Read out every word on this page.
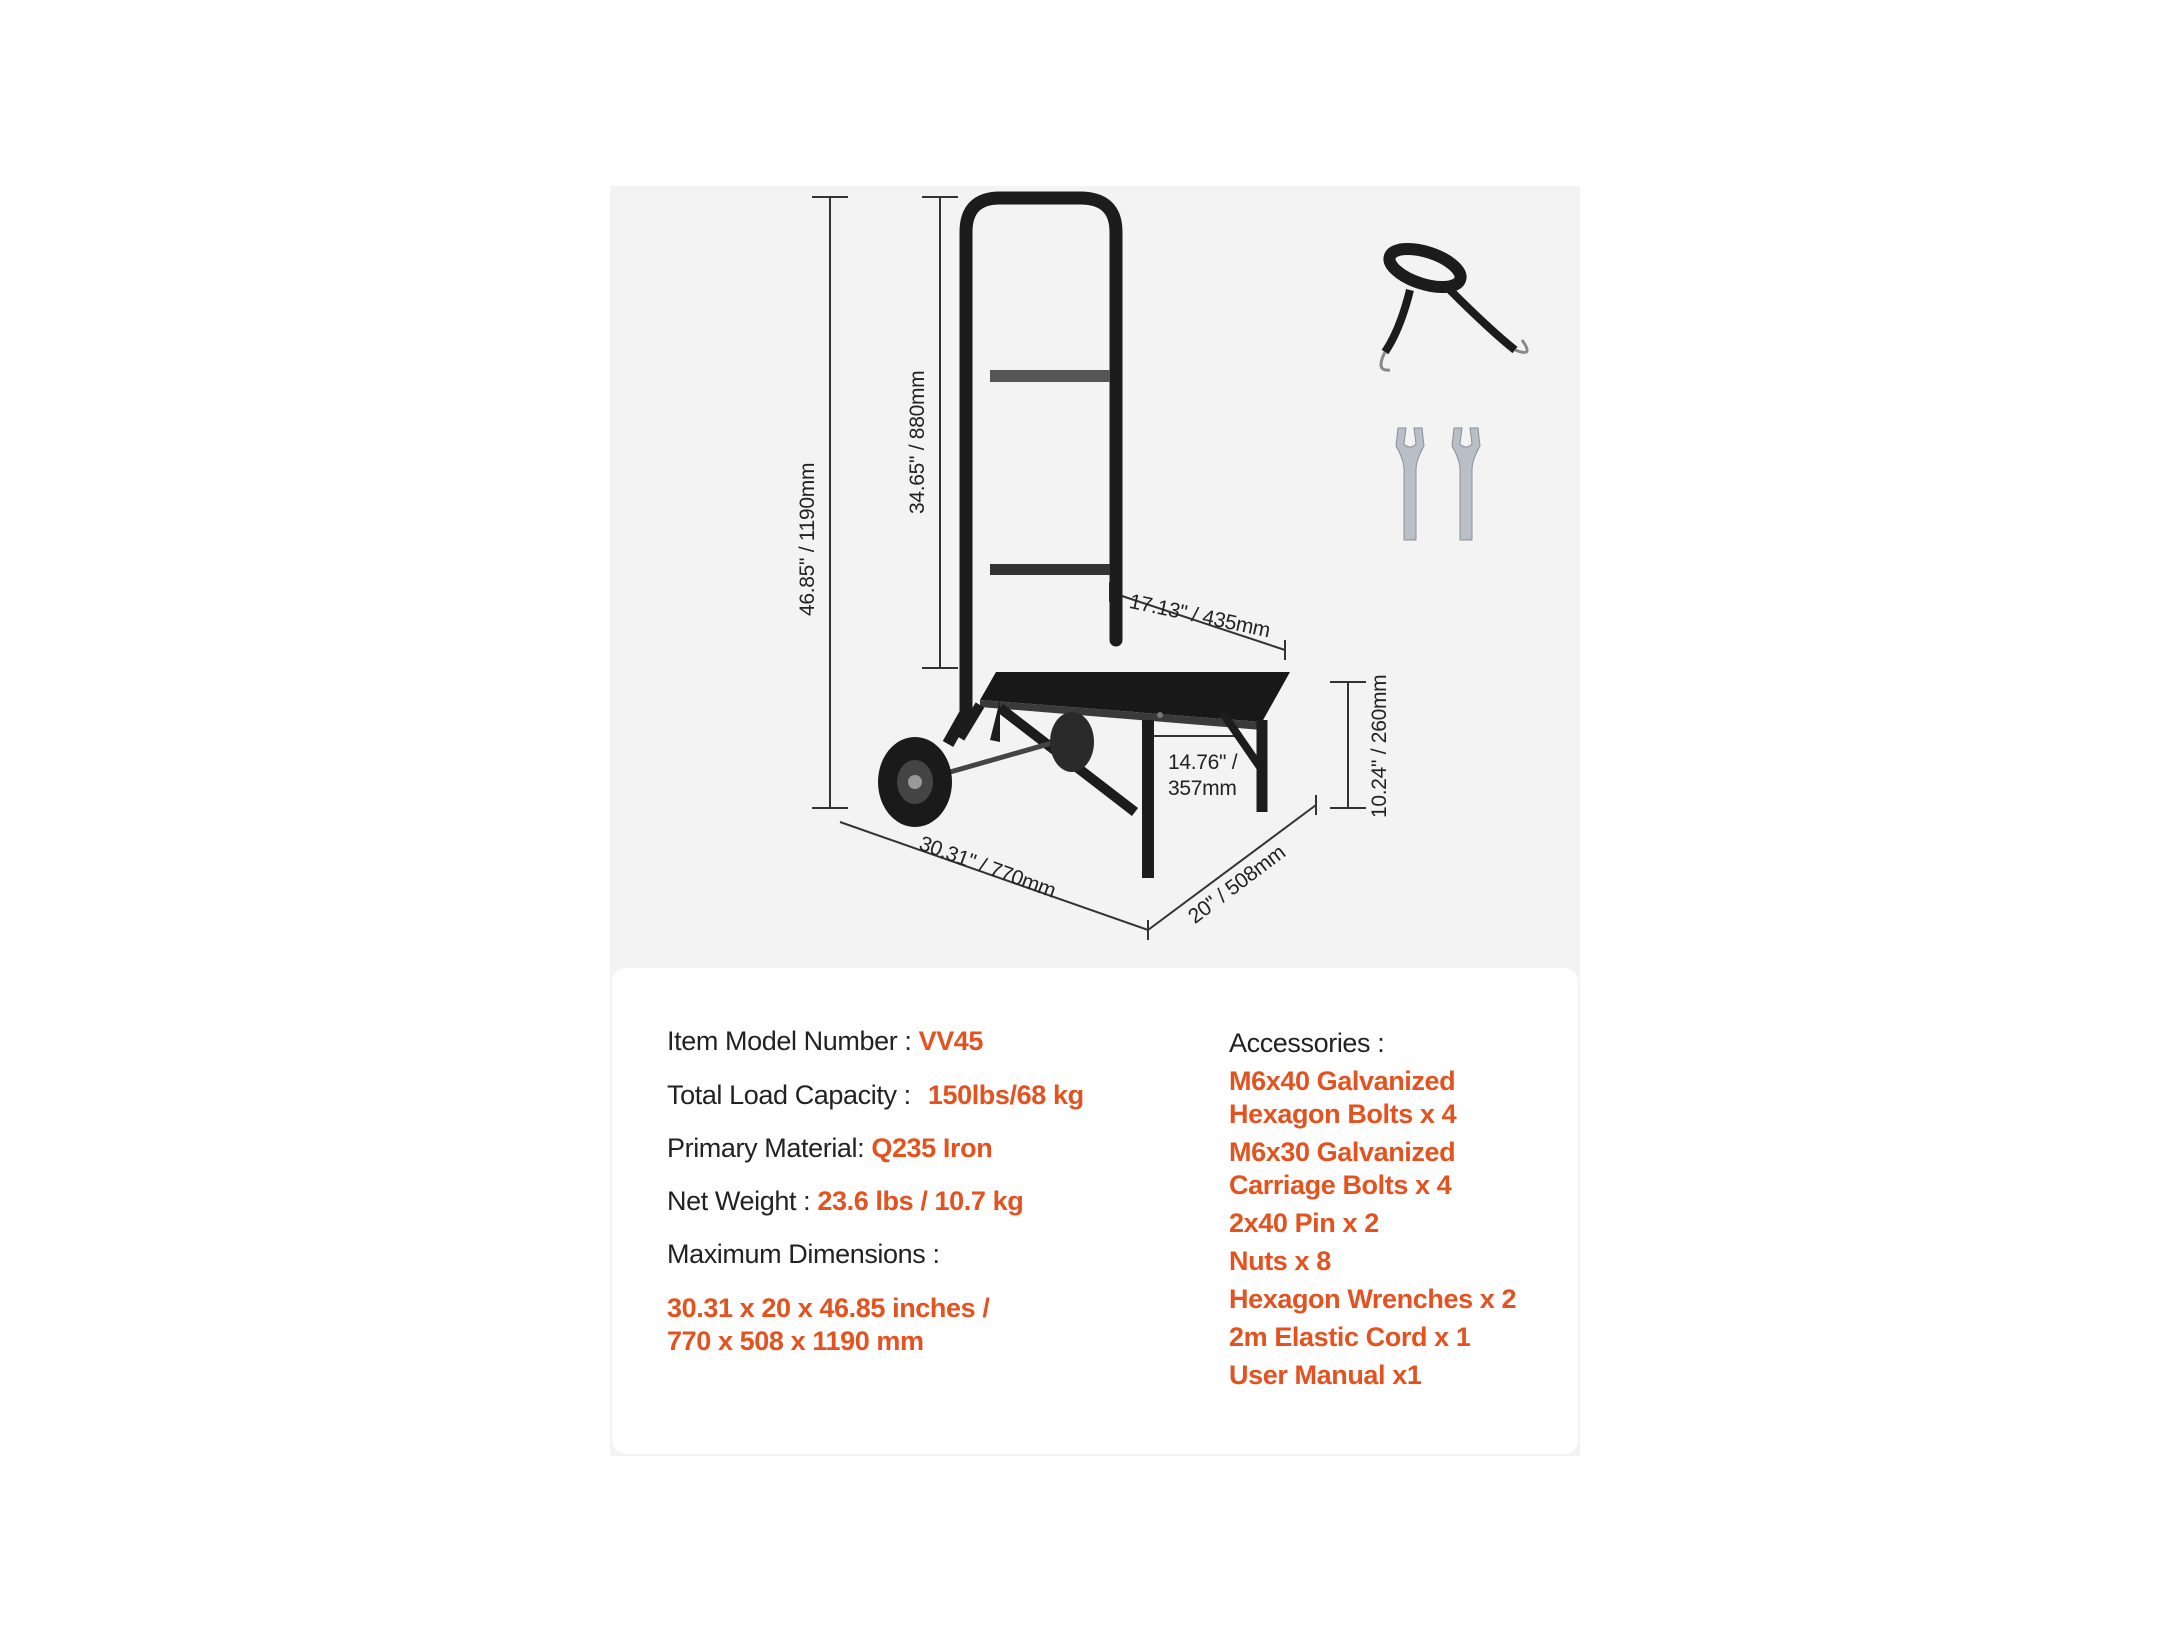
46.85" / 1190mm
34.65" / 880mm
17.13" / 435mm
10.24" / 260mm
14.76" /
357mm
30.31" / 770mm	20" / 508mm
Item Model Number : VV45
Total Load Capacity : 150lbs/68 kg
Primary Material: Q235 Iron
Net Weight : 23.6 lbs / 10.7 kg
Maximum Dimensions :
30.31 x 20 x 46.85 inches /
770 x 508 x 1190 mm
Accessories :
M6x40 Galvanized
Hexagon Bolts x 4
M6x30 Galvanized
Carriage Bolts x 4
2x40 Pin x 2
Nuts x 8
Hexagon Wrenches x 2
2m Elastic Cord x 1
User Manual x1
